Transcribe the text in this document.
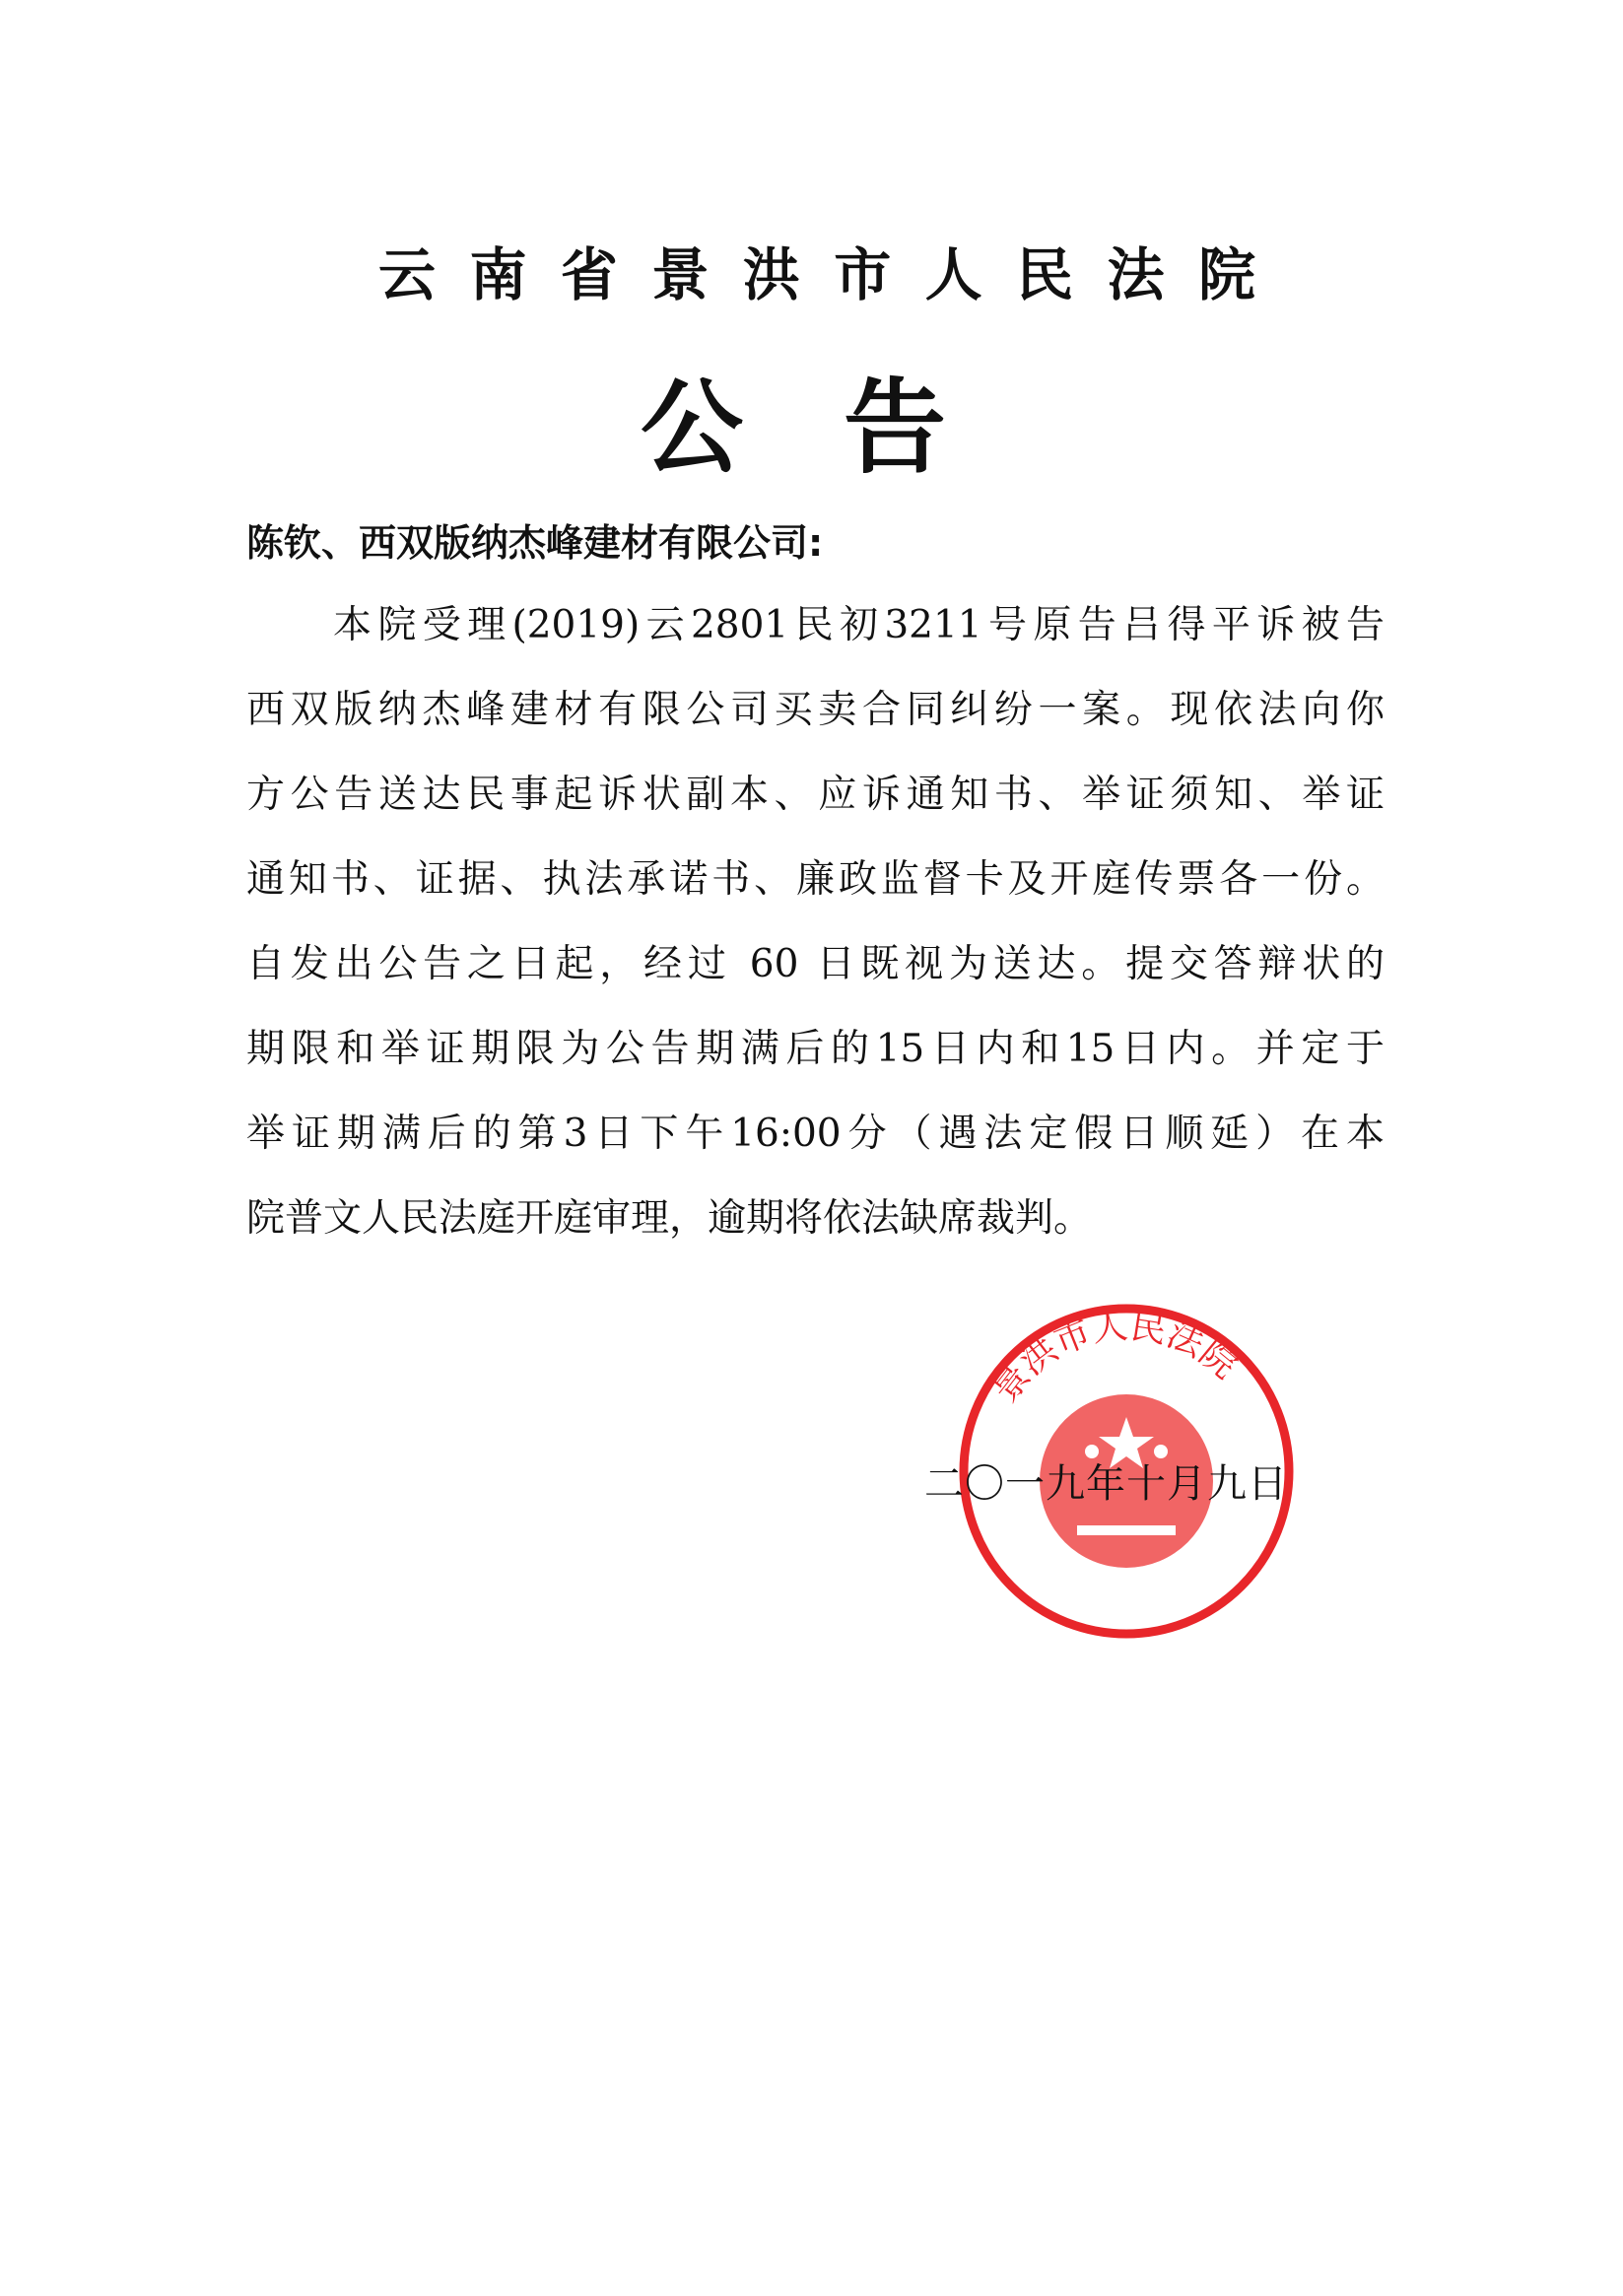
云 南 省 景 洪 市 人 民 法 院
公 告
陈钦、西双版纳杰峰建材有限公司:
本院受理(2019)云2801民初3211号原告吕得平诉被告
西双版纳杰峰建材有限公司买卖合同纠纷一案。现依法向你
方公告送达民事起诉状副本、应诉通知书、举证须知、举证
通知书、证据、执法承诺书、廉政监督卡及开庭传票各一份。
自发出公告之日起，经过 60 日既视为送达。提交答辩状的
期限和举证期限为公告期满后的15日内和15日内。并定于
举证期满后的第3日下午16:00分（遇法定假日顺延）在本
院普文人民法庭开庭审理，逾期将依法缺席裁判。
景洪市人民法院
二〇一九年十月九日
